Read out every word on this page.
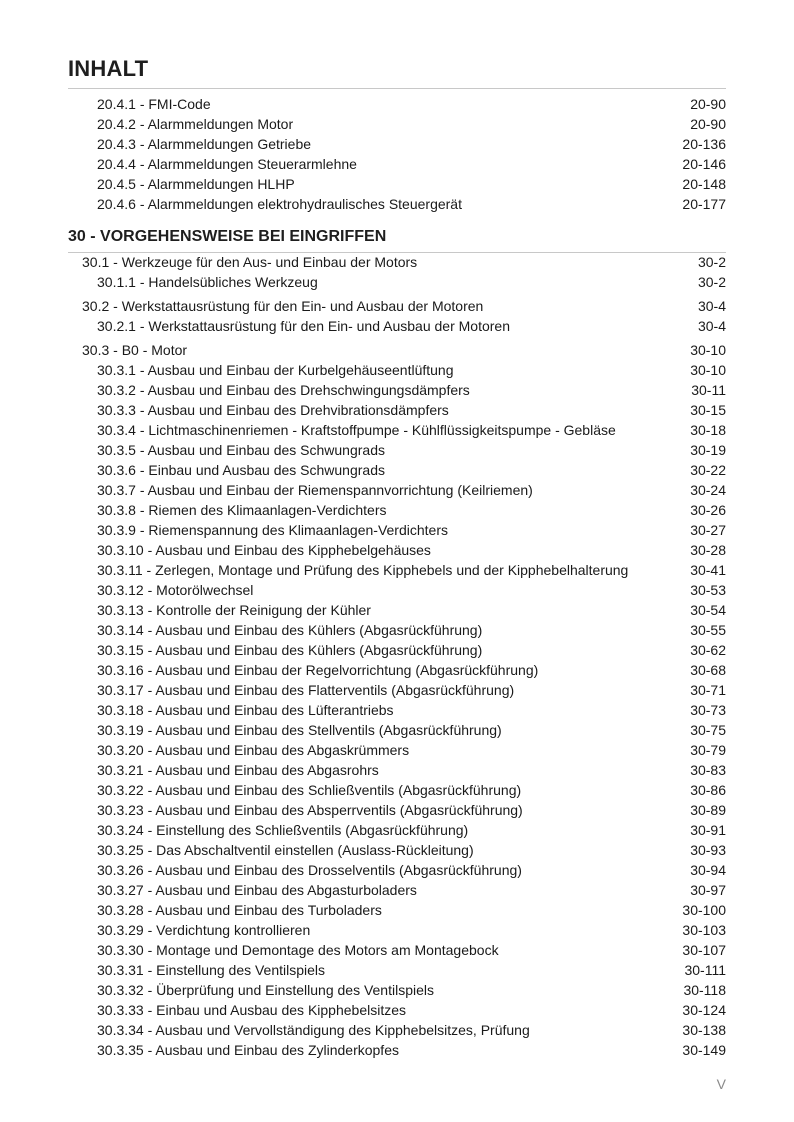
INHALT
20.4.1 - FMI-Code	20-90
20.4.2 - Alarmmeldungen Motor	20-90
20.4.3 - Alarmmeldungen Getriebe	20-136
20.4.4 - Alarmmeldungen Steuerarmlehne	20-146
20.4.5 - Alarmmeldungen HLHP	20-148
20.4.6 - Alarmmeldungen elektrohydraulisches Steuergerät	20-177
30 - VORGEHENSWEISE BEI EINGRIFFEN
30.1 - Werkzeuge für den Aus- und Einbau der Motors	30-2
30.1.1 - Handelsübliches Werkzeug	30-2
30.2 - Werkstattausrüstung für den Ein- und Ausbau der Motoren	30-4
30.2.1 - Werkstattausrüstung für den Ein- und Ausbau der Motoren	30-4
30.3 - B0 - Motor	30-10
30.3.1 - Ausbau und Einbau der Kurbelgehäuseentlüftung	30-10
30.3.2 - Ausbau und Einbau des Drehschwingungsdämpfers	30-11
30.3.3 - Ausbau und Einbau des Drehvibrationsdämpfers	30-15
30.3.4 - Lichtmaschinenriemen - Kraftstoffpumpe - Kühlflüssigkeitspumpe - Gebläse	30-18
30.3.5 - Ausbau und Einbau des Schwungrads	30-19
30.3.6 - Einbau und Ausbau des Schwungrads	30-22
30.3.7 - Ausbau und Einbau der Riemenspannvorrichtung (Keilriemen)	30-24
30.3.8 - Riemen des Klimaanlagen-Verdichters	30-26
30.3.9 - Riemenspannung des Klimaanlagen-Verdichters	30-27
30.3.10 - Ausbau und Einbau des Kipphebelgehäuses	30-28
30.3.11 - Zerlegen, Montage und Prüfung des Kipphebels und der Kipphebelhalterung	30-41
30.3.12 - Motorölwechsel	30-53
30.3.13 - Kontrolle der Reinigung der Kühler	30-54
30.3.14 - Ausbau und Einbau des Kühlers (Abgasrückführung)	30-55
30.3.15 - Ausbau und Einbau des Kühlers (Abgasrückführung)	30-62
30.3.16 - Ausbau und Einbau der Regelvorrichtung (Abgasrückführung)	30-68
30.3.17 - Ausbau und Einbau des Flatterventils (Abgasrückführung)	30-71
30.3.18 - Ausbau und Einbau des Lüfterantriebs	30-73
30.3.19 - Ausbau und Einbau des Stellventils (Abgasrückführung)	30-75
30.3.20 - Ausbau und Einbau des Abgaskrümmers	30-79
30.3.21 - Ausbau und Einbau des Abgasrohrs	30-83
30.3.22 - Ausbau und Einbau des Schließventils (Abgasrückführung)	30-86
30.3.23 - Ausbau und Einbau des Absperrventils (Abgasrückführung)	30-89
30.3.24 - Einstellung des Schließventils (Abgasrückführung)	30-91
30.3.25 - Das Abschaltventil einstellen (Auslass-Rückleitung)	30-93
30.3.26 - Ausbau und Einbau des Drosselventils (Abgasrückführung)	30-94
30.3.27 - Ausbau und Einbau des Abgasturboladers	30-97
30.3.28 - Ausbau und Einbau des Turboladers	30-100
30.3.29 - Verdichtung kontrollieren	30-103
30.3.30 - Montage und Demontage des Motors am Montagebock	30-107
30.3.31 - Einstellung des Ventilspiels	30-111
30.3.32 - Überprüfung und Einstellung des Ventilspiels	30-118
30.3.33 - Einbau und Ausbau des Kipphebelsitzes	30-124
30.3.34 - Ausbau und Vervollständigung des Kipphebelsitzes, Prüfung	30-138
30.3.35 - Ausbau und Einbau des Zylinderkopfes	30-149
V
